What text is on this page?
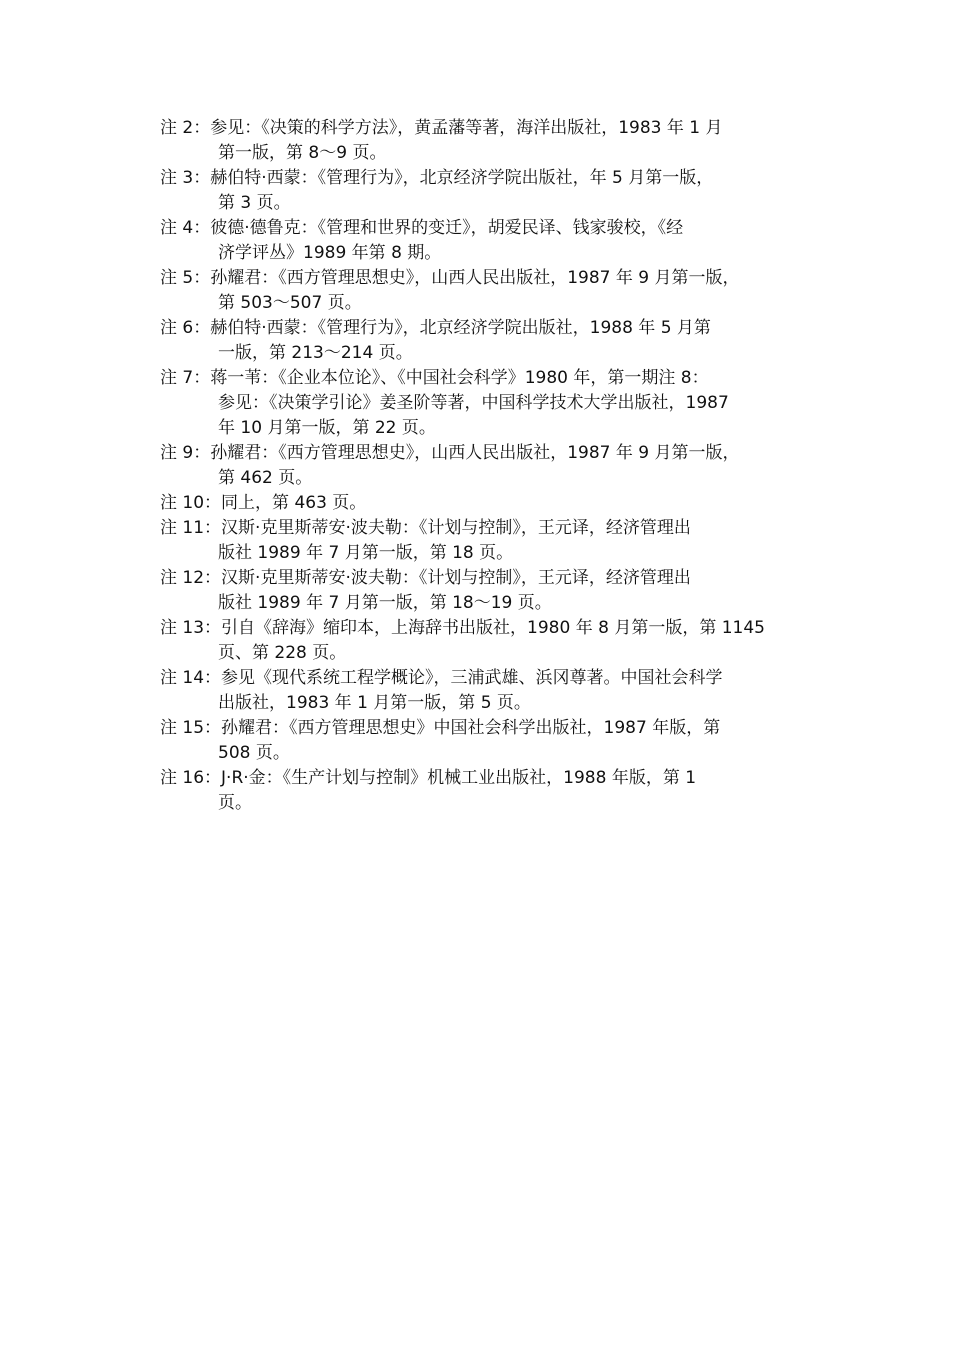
注 2：参见：《决策的科学方法》，黄孟藩等著，海洋出版社，1983 年 1 月
第一版，第 8～9 页。
注 3：赫伯特·西蒙：《管理行为》，北京经济学院出版社，年 5 月第一版，
第 3 页。
注 4：彼德·德鲁克：《管理和世界的变迁》，胡爱民译、钱家骏校，《经
济学评丛》1989 年第 8 期。
注 5：孙耀君：《西方管理思想史》，山西人民出版社，1987 年 9 月第一版，
第 503～507 页。
注 6：赫伯特·西蒙：《管理行为》，北京经济学院出版社，1988 年 5 月第
一版，第 213～214 页。
注 7：蒋一苇：《企业本位论》、《中国社会科学》1980 年，第一期注 8：
参见：《决策学引论》姜圣阶等著，中国科学技术大学出版社，1987
年 10 月第一版，第 22 页。
注 9：孙耀君：《西方管理思想史》，山西人民出版社，1987 年 9 月第一版，
第 462 页。
注 10：同上，第 463 页。
注 11：汉斯·克里斯蒂安·波夫勒：《计划与控制》，王元译，经济管理出
版社 1989 年 7 月第一版，第 18 页。
注 12：汉斯·克里斯蒂安·波夫勒：《计划与控制》，王元译，经济管理出
版社 1989 年 7 月第一版，第 18～19 页。
注 13：引自《辞海》缩印本，上海辞书出版社，1980 年 8 月第一版，第 1145
页、第 228 页。
注 14：参见《现代系统工程学概论》，三浦武雄、浜冈尊著。中国社会科学
出版社，1983 年 1 月第一版，第 5 页。
注 15：孙耀君：《西方管理思想史》中国社会科学出版社，1987 年版，第
508 页。
注 16：J·R·金：《生产计划与控制》机械工业出版社，1988 年版，第 1
页。
